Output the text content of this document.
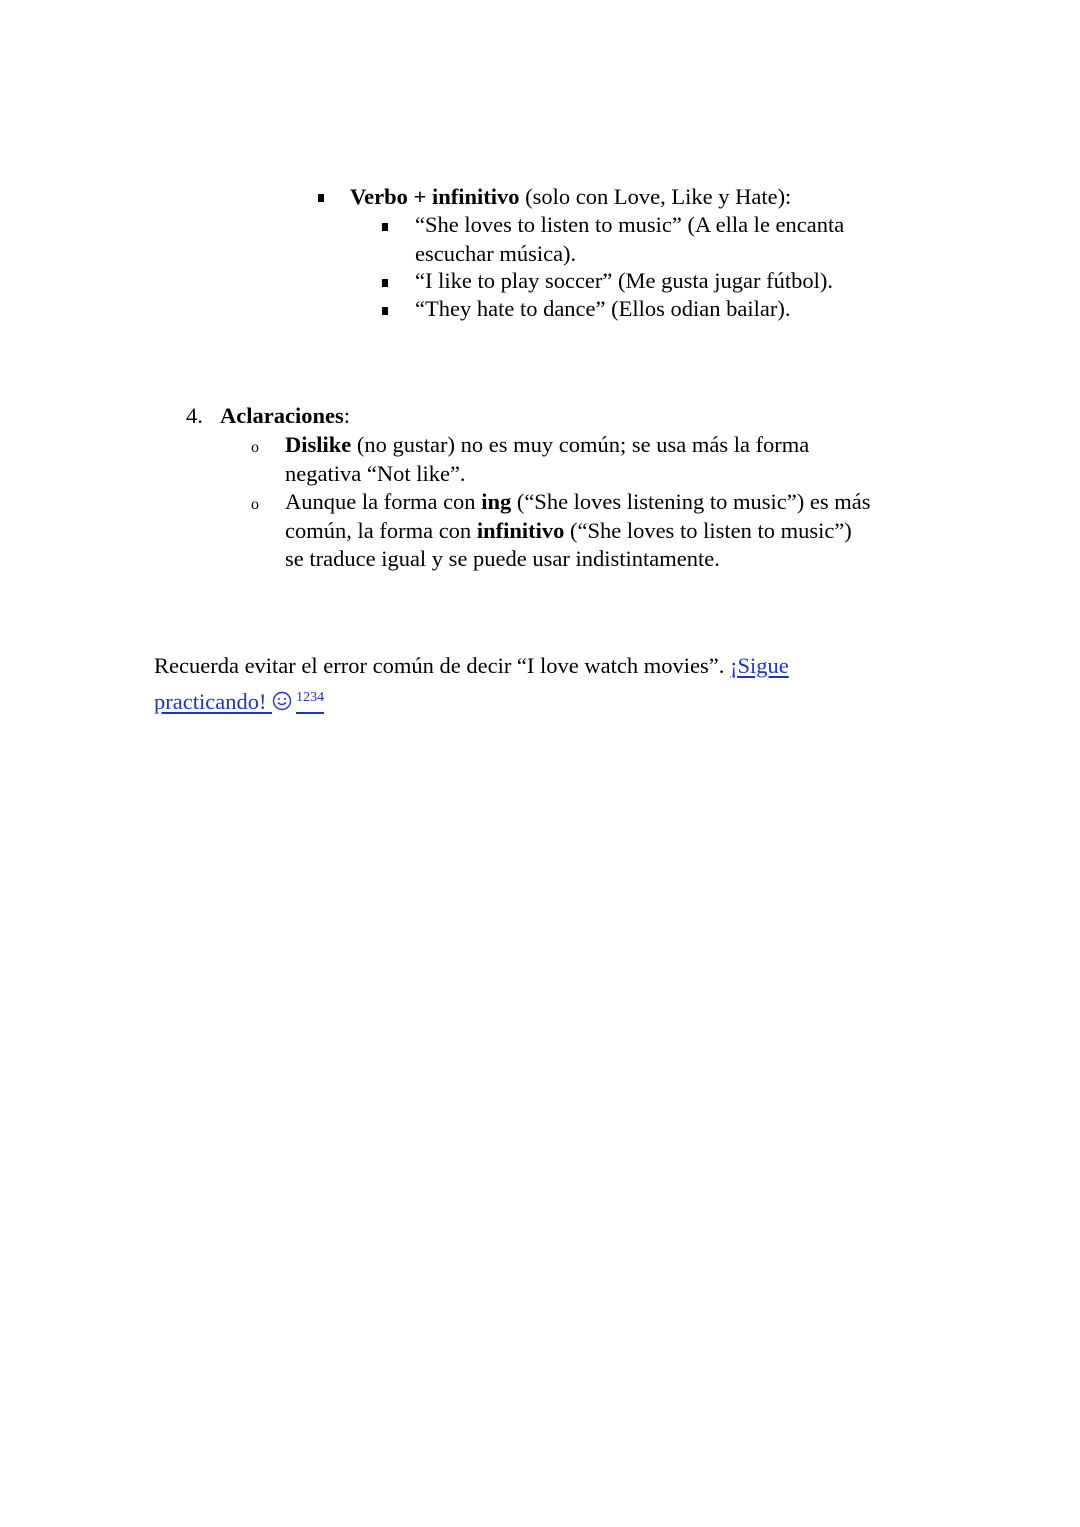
Verbo + infinitivo (solo con Love, Like y Hate):
“She loves to listen to music” (A ella le encanta
escuchar música).
“I like to play soccer” (Me gusta jugar fútbol).
“They hate to dance” (Ellos odian bailar).
4. Aclaraciones:
o Dislike (no gustar) no es muy común; se usa más la forma
negativa “Not like”.
o Aunque la forma con ing (“She loves listening to music”) es más
común, la forma con infinitivo (“She loves to listen to music”)
se traduce igual y se puede usar indistintamente.
Recuerda evitar el error común de decir “I love watch movies”. ¡Sigue
practicando! $^{1234}$
